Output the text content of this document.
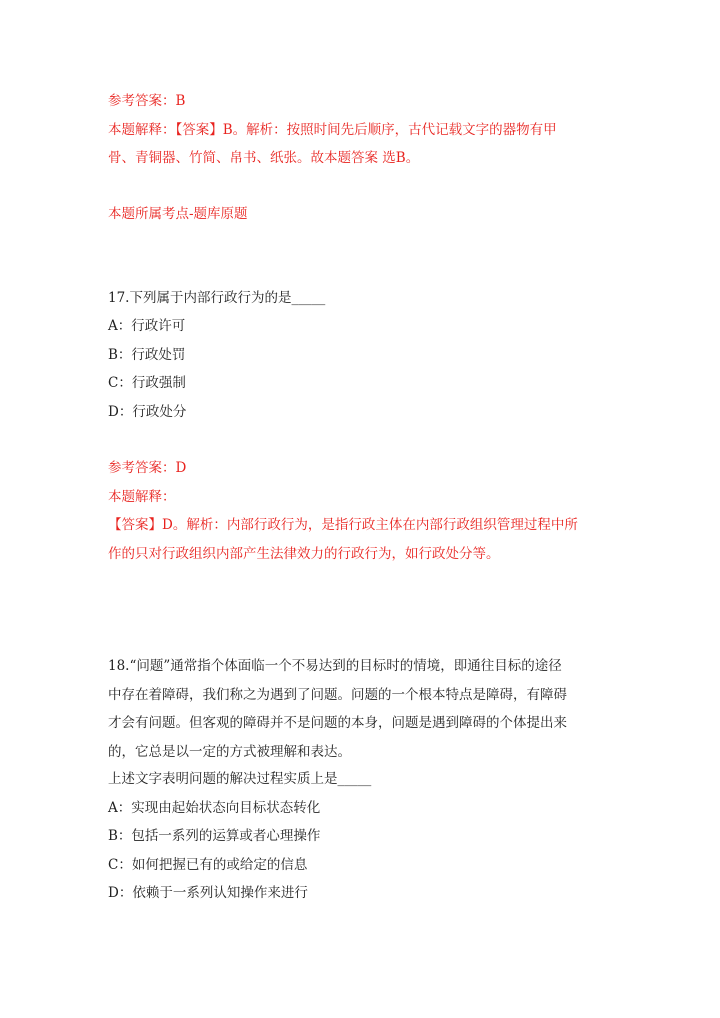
参考答案：B
本题解释：【答案】B。解析：按照时间先后顺序，古代记载文字的器物有甲
骨、青铜器、竹简、帛书、纸张。故本题答案 选B。
本题所属考点-题库原题
17.下列属于内部行政行为的是_____
A：行政许可
B：行政处罚
C：行政强制
D：行政处分
参考答案：D
本题解释：
【答案】D。解析：内部行政行为，是指行政主体在内部行政组织管理过程中所
作的只对行政组织内部产生法律效力的行政行为，如行政处分等。
18.“问题”通常指个体面临一个不易达到的目标时的情境，即通往目标的途径
中存在着障碍，我们称之为遇到了问题。问题的一个根本特点是障碍，有障碍
才会有问题。但客观的障碍并不是问题的本身，问题是遇到障碍的个体提出来
的，它总是以一定的方式被理解和表达。
上述文字表明问题的解决过程实质上是_____
A：实现由起始状态向目标状态转化
B：包括一系列的运算或者心理操作
C：如何把握已有的或给定的信息
D：依赖于一系列认知操作来进行
